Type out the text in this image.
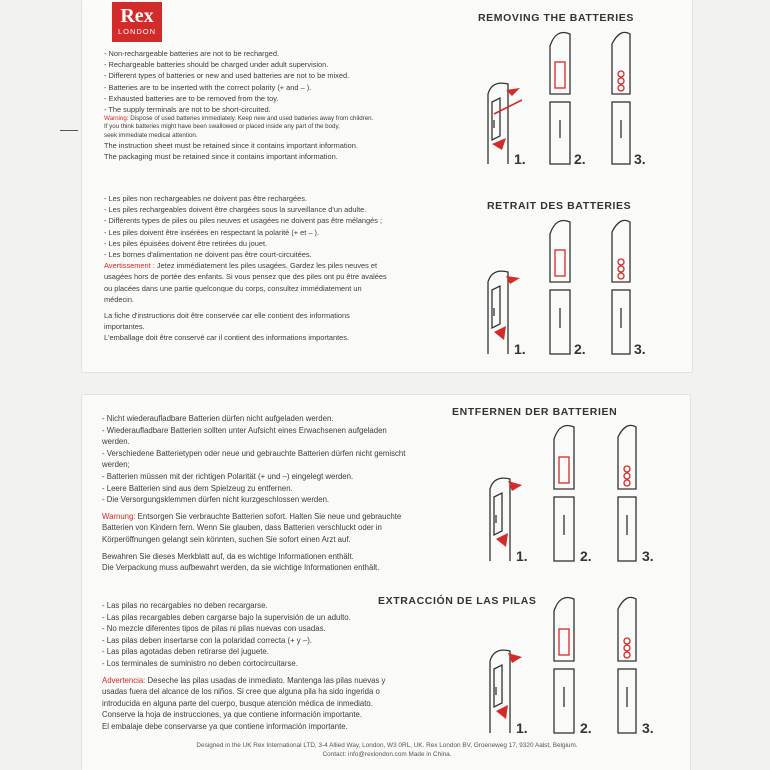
Rex
LONDON
- Non-rechargeable batteries are not to be recharged.
- Rechargeable batteries should be charged under adult supervision.
- Different types of batteries or new and used batteries are not to be mixed.
- Batteries are to be inserted with the correct polarity (+ and – ).
- Exhausted batteries are to be removed from the toy.
- The supply terminals are not to be short-circuited.
Warning: Dispose of used batteries immediately. Keep new and used batteries away from children.
If you think batteries might have been swallowed or placed inside any part of the body,
seek immediate medical attention.
The instruction sheet must be retained since it contains important information.
The packaging must be retained since it contains important information.
REMOVING THE BATTERIES
- Les piles non rechargeables ne doivent pas être rechargées.
- Les piles rechargeables doivent être chargées sous la surveillance d'un adulte.
- Différents types de piles ou piles neuves et usagées ne doivent pas être mélangés ;
- Les piles doivent être insérées en respectant la polarité (+ et – ).
- Les piles épuisées doivent être retirées du jouet.
- Les bornes d'alimentation ne doivent pas être court-circuitées.
Avertissement : Jetez immédiatement les piles usagées. Gardez les piles neuves et
usagées hors de portée des enfants. Si vous pensez que des piles ont pu être avalées
ou placées dans une partie quelconque du corps, consultez immédiatement un
médecin.
La fiche d'instructions doit être conservée car elle contient des informations
importantes.
L'emballage doit être conservé car il contient des informations importantes.
RETRAIT DES BATTERIES
1.	2.	3.
1.	2.	3.
- Nicht wiederaufladbare Batterien dürfen nicht aufgeladen werden.
- Wiederaufladbare Batterien sollten unter Aufsicht eines Erwachsenen aufgeladen
werden.
- Verschiedene Batterietypen oder neue und gebrauchte Batterien dürfen nicht gemischt
werden;
- Batterien müssen mit der richtigen Polarität (+ und –) eingelegt werden.
- Leere Batterien sind aus dem Spielzeug zu entfernen.
- Die Versorgungsklemmen dürfen nicht kurzgeschlossen werden.
Warnung: Entsorgen Sie verbrauchte Batterien sofort. Halten Sie neue und gebrauchte
Batterien von Kindern fern. Wenn Sie glauben, dass Batterien verschluckt oder in
Körperöffnungen gelangt sein könnten, suchen Sie sofort einen Arzt auf.
Bewahren Sie dieses Merkblatt auf, da es wichtige Informationen enthält.
Die Verpackung muss aufbewahrt werden, da sie wichtige Informationen enthält.
ENTFERNEN DER BATTERIEN
- Las pilas no recargables no deben recargarse.
- Las pilas recargables deben cargarse bajo la supervisión de un adulto.
- No mezcle diferentes tipos de pilas ni pilas nuevas con usadas.
- Las pilas deben insertarse con la polaridad correcta (+ y –).
- Las pilas agotadas deben retirarse del juguete.
- Los terminales de suministro no deben cortocircuitarse.
Advertencia: Deseche las pilas usadas de inmediato. Mantenga las pilas nuevas y
usadas fuera del alcance de los niños. Si cree que alguna pila ha sido ingerida o
introducida en alguna parte del cuerpo, busque atención médica de inmediato.
Conserve la hoja de instrucciones, ya que contiene información importante.
El embalaje debe conservarse ya que contiene información importante.
EXTRACCIÓN DE LAS PILAS
1.	2.	3.
1.	2.	3.
Designed in the UK Rex International LTD, 3-4 Allied Way, London, W3 0RL, UK. Rex London BV, Groeneweg 17, 9320 Aalst, Belgium.
Contact: info@rexlondon.com Made in China.
